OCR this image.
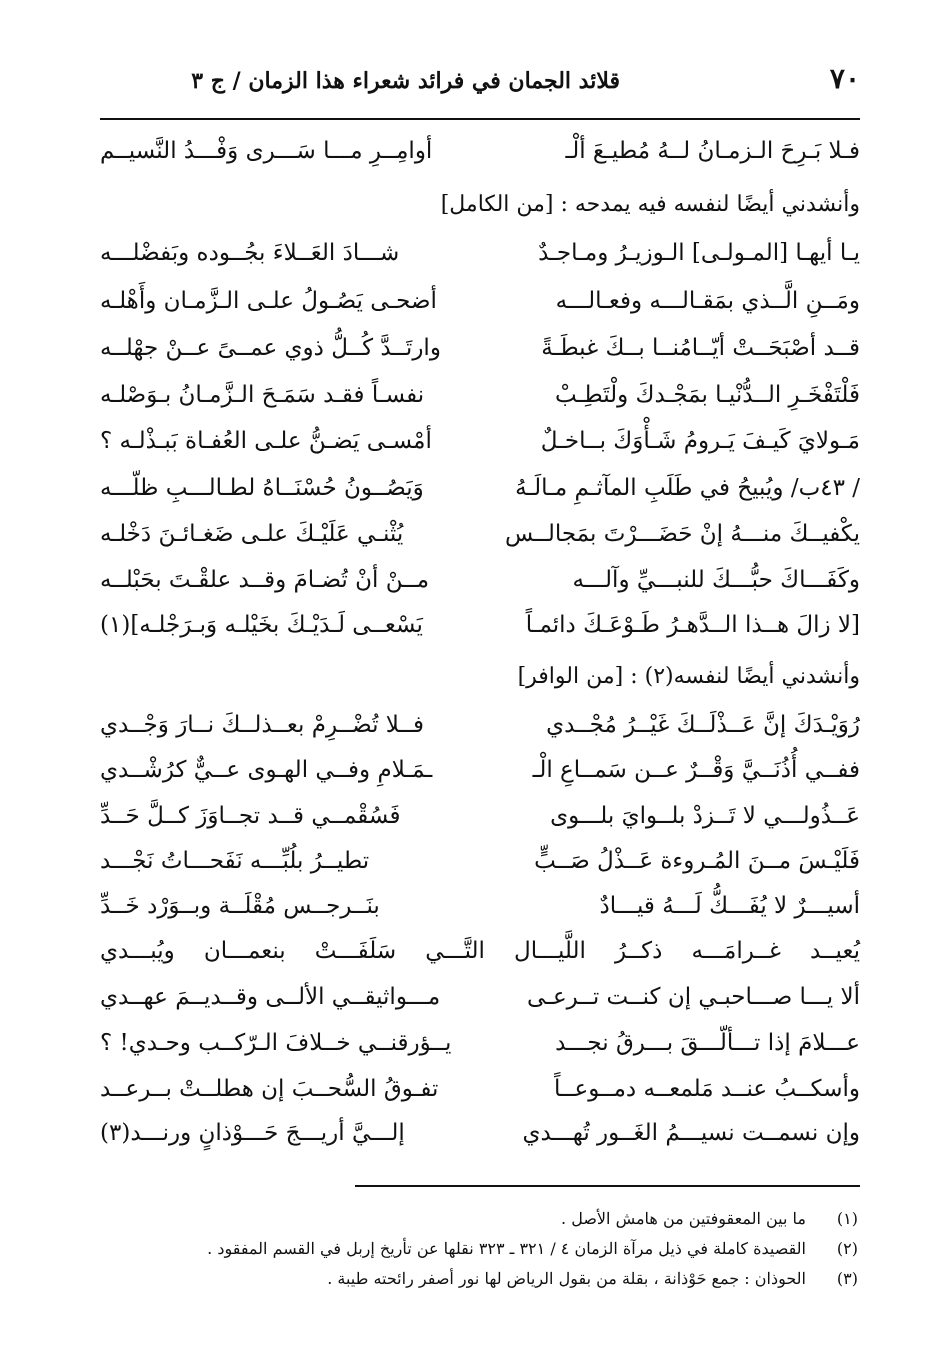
٧٠
قلائد الجمان في فرائد شعراء هذا الزمان / ج ٣
فـلا بَـرِحَ الـزمـانُ لــهُ مُطيـعَ ألْـ
أوامِــرِ مـــا سَـــرى وَفْـــدُ النَّسيــم
وأنشدني أيضًا لنفسه فيه يمدحه : [من الكامل]
يـا أيهـا [المـولـى] الـوزيـرُ ومـاجـدٌ
شـــادَ العَــلاءَ بجُــوده وبَفضْلـــه
ومَــنِ الَّــذي بمَقـالـــه وفعـالـــه
أضحـى يَصُـولُ علـى الـزَّمـان وأَهْلـه
قــد أصْبَحَــتْ أيّــامُنــا بــكَ غبطَـةً
وارتَــدَّ كُــلُّ ذوي عمــىً عــنْ جهْلــه
فَلْتَفْخَـرِ الــدُّنْيـا بمَجْـدكَ ولْتَطِـبْ
نفسـاً فقـد سَمَـحَ الـزَّمـانُ بـوَصْلـه
مَـولايَ كَيـفَ يَـرومُ شَـأْوَكَ بــاخـلٌ
أمْسـى يَضـنُّ علـى العُفـاة بَبـذْلـه ؟
/ ٤٣ب/ ويُبيحُ في طَلَبِ المآثـمِ مـالَـهُ
وَيَصُــونُ حُسْنَــاهُ لطـالـــبِ ظلّـــه
يكْفيــكَ منـــهُ إنْ حَضَـــرْتَ بمَجالــس
يُثْنـي عَلَيْـكَ علـى ضَغـائـنَ دَخْلـه
وكَفَـــاكَ حبُّـــكَ للنبـــيِّ وآلـــه
مــنْ أنْ تُضـامَ وقــد علقْـتَ بحَبْلــه
[لا زالَ هــذا الــدَّهـرُ طَـوْعَـكَ دائمـاً
يَسْعــى لَـدَيْـكَ بخَيْلـه وَبـرَجْلـه](١)
وأنشدني أيضًا لنفسه(٢) : [من الوافر]
رُوَيْـدَكَ إنَّ عَــذْلَــكَ غَيْــرُ مُجْــدي
فــلا تُضْــرِمْ بعــذلــكَ نــارَ وَجْــدي
ففــي أُذُنَــيَّ وَقْــرٌ عــن سَمــاعِ الْـ
ـمَـلامِ وفــي الهـوى عــيٌّ كرُشْــدي
عَــذُولـــي لا تَــزدْ بلــوايَ بلـــوى
فَسُقْمــي قــد تجــاوَزَ كــلَّ حَــدِّ
فَلَيْـسَ مــنَ المُـروءة عَــذْلُ صَــبٍّ
تطيــرُ بلُبِّـــه نَفَحـــاتُ نَجْـــد
أسيـــرٌ لا يُفَـــكُّ لَـــهُ قيـــادٌ
بنَــرجــس مُقْلَــة وبــوَرْد خَــدِّ
يُعيــد غــرامَـــه ذكــرُ اللَّيـــال التَّـــي سَلَفَـــتْ بنعمـــان ويُبـــدي
ألا يـــا صـــاحبـي إن كنــت تــرعـى
مـــواثيقــي الألــى وقــديــمَ عهــدي
عـــلامَ إذا تـــألّـــقَ بـــرقُ نجـــد
يــؤرقنــي خــلافَ الـرّكــب وحـدي! ؟
وأسكــبُ عنــد مَلمعــه دمــوعــاً
تفـوقُ السُّحــبَ إن هطلــتْ بــرعــد
وإن نسمــت نسيـــمُ الغَــور تُهـــدي
إلـــيَّ أريـــجَ حَـــوْذانٍ ورنـــد(٣)
(١)ما بين المعقوفتين من هامش الأصل .
(٢)القصيدة كاملة في ذيل مرآة الزمان ٤ / ٣٢١ ـ ٣٢٣ نقلها عن تأريخ إربل في القسم المفقود .
(٣)الحوذان : جمع حَوْذانة ، بقلة من بقول الرياض لها نور أصفر رائحته طيبة .
